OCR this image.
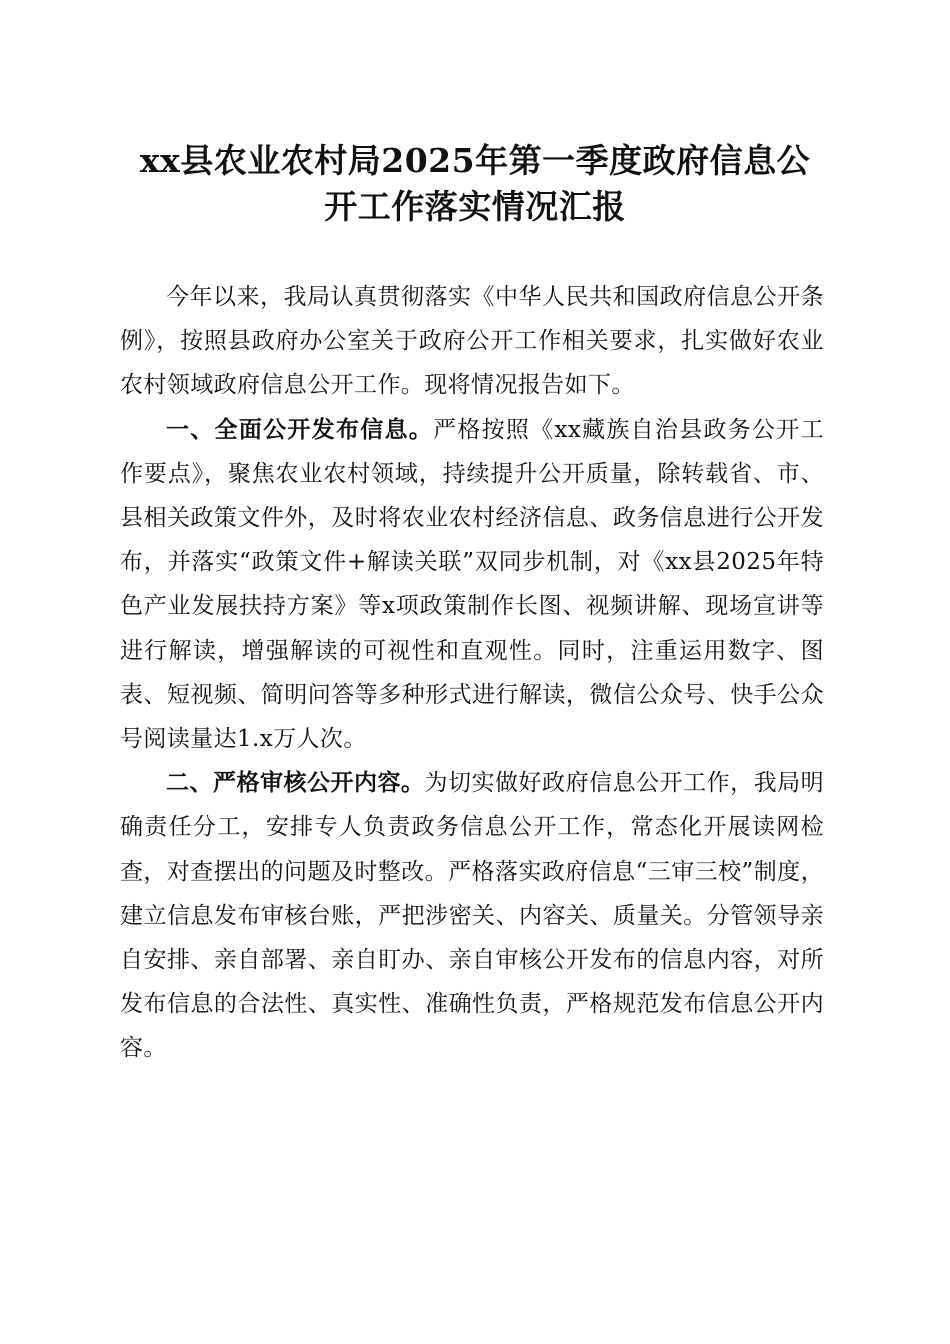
xx县农业农村局2025年第一季度政府信息公
开工作落实情况汇报

今年以来，我局认真贯彻落实《中华人民共和国政府信息公开条例》，按照县政府办公室关于政府公开工作相关要求，扎实做好农业农村领域政府信息公开工作。现将情况报告如下。

一、全面公开发布信息。严格按照《xx藏族自治县政务公开工作要点》，聚焦农业农村领域，持续提升公开质量，除转载省、市、县相关政策文件外，及时将农业农村经济信息、政务信息进行公开发布，并落实“政策文件+解读关联”双同步机制，对《xx县2025年特色产业发展扶持方案》等x项政策制作长图、视频讲解、现场宣讲等进行解读，增强解读的可视性和直观性。同时，注重运用数字、图表、短视频、简明问答等多种形式进行解读，微信公众号、快手公众号阅读量达1.x万人次。

二、严格审核公开内容。为切实做好政府信息公开工作，我局明确责任分工，安排专人负责政务信息公开工作，常态化开展读网检查，对查摆出的问题及时整改。严格落实政府信息“三审三校”制度，建立信息发布审核台账，严把涉密关、内容关、质量关。分管领导亲自安排、亲自部署、亲自盯办、亲自审核公开发布的信息内容，对所发布信息的合法性、真实性、准确性负责，严格规范发布信息公开内容。
